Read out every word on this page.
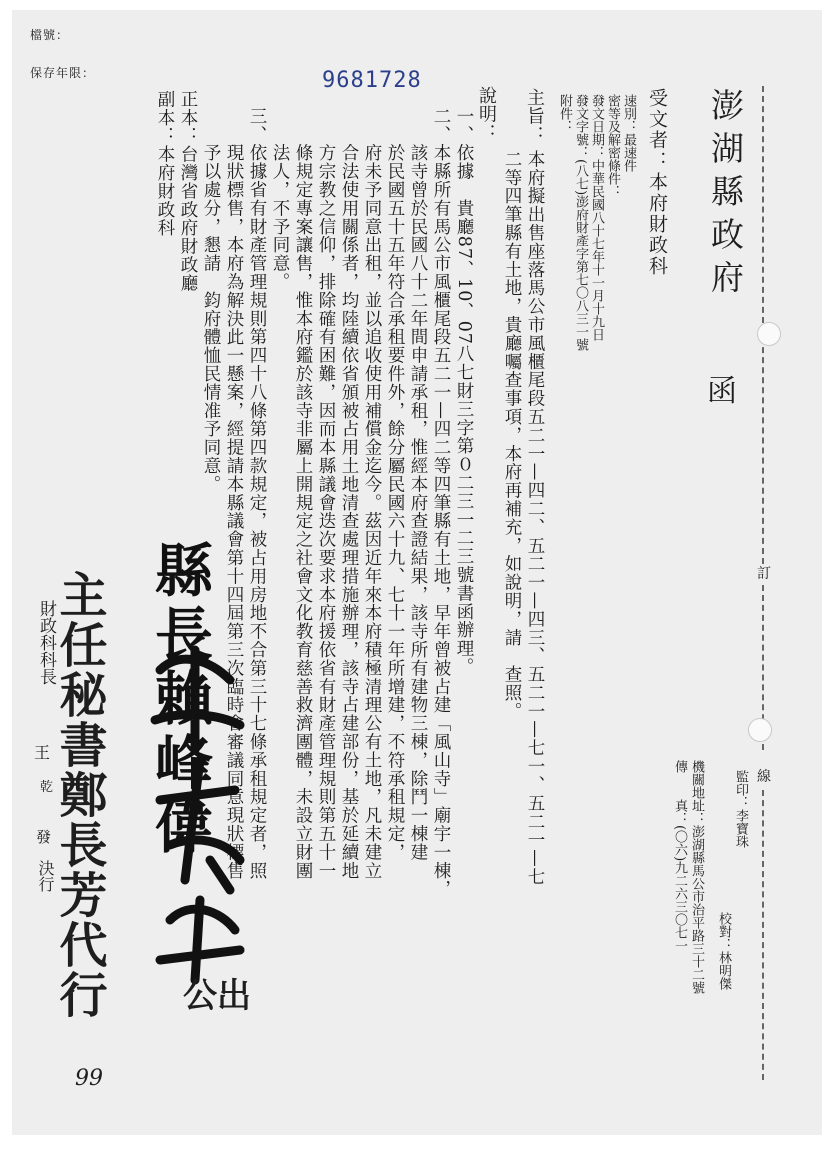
檔號：
保存年限：	9681728
訂
線
澎湖縣政府
函
監印：李寶珠
校對：林明傑
機關地址：澎湖縣馬公市治平路三十二號
傳　　真：(〇六)九二六三〇七一
受文者：本府財政科
速別：最速件
密等及解密條件：
發文日期：中華民國八十七年十一月十九日
發文字號：(八七)澎府財產字第七〇八三一號
附件：
主旨：
本府擬出售座落馬公市風櫃尾段五二一—四二、五二一—四三、五二一—七一、五二一—七
二等四筆縣有土地，貴廳囑查事項，本府再補充，如說明，請　查照。
說明：
一、依據　貴廳87、10、07八七財三字第０二三一二三號書函辦理。
二、本縣所有馬公市風櫃尾段五二一—四二等四筆縣有土地，早年曾被占建「風山寺」廟宇一棟，
　　該寺曾於民國八十二年間申請承租，惟經本府查證結果，該寺所有建物三棟，除鬥一棟建
　　於民國五十五年符合承租要件外，餘分屬民國六十九、七十一年所增建，不符承租規定，
　　府未予同意出租，並以追收使用補償金迄今。茲因近年來本府積極清理公有土地，凡未建立
　　合法使用關係者，均陸續依省頒被占用土地清查處理措施辦理，該寺占建部份，基於延續地
　　方宗教之信仰，排除確有困難，因而本縣議會迭次要求本府援依省有財產管理規則第五十一
　　條規定專案讓售，惟本府鑑於該寺非屬上開規定之社會文化教育慈善救濟團體，未設立財團
　　法人，不予同意。
三、依據省有財產管理規則第四十八條第四款規定，被占用房地不合第三十七條承租規定者，照
　　現狀標售，本府為解決此一懸案，經提請本縣議會第十四屆第三次臨時會審議同意現狀標售
　　予以處分，懇請　鈞府體恤民情准予同意。
正本：台灣省政府財政廳
副本：本府財政科
縣長賴峰偉
公出
主任秘書鄭長芳代行
財政科科長
王
乾
發
決行
99
